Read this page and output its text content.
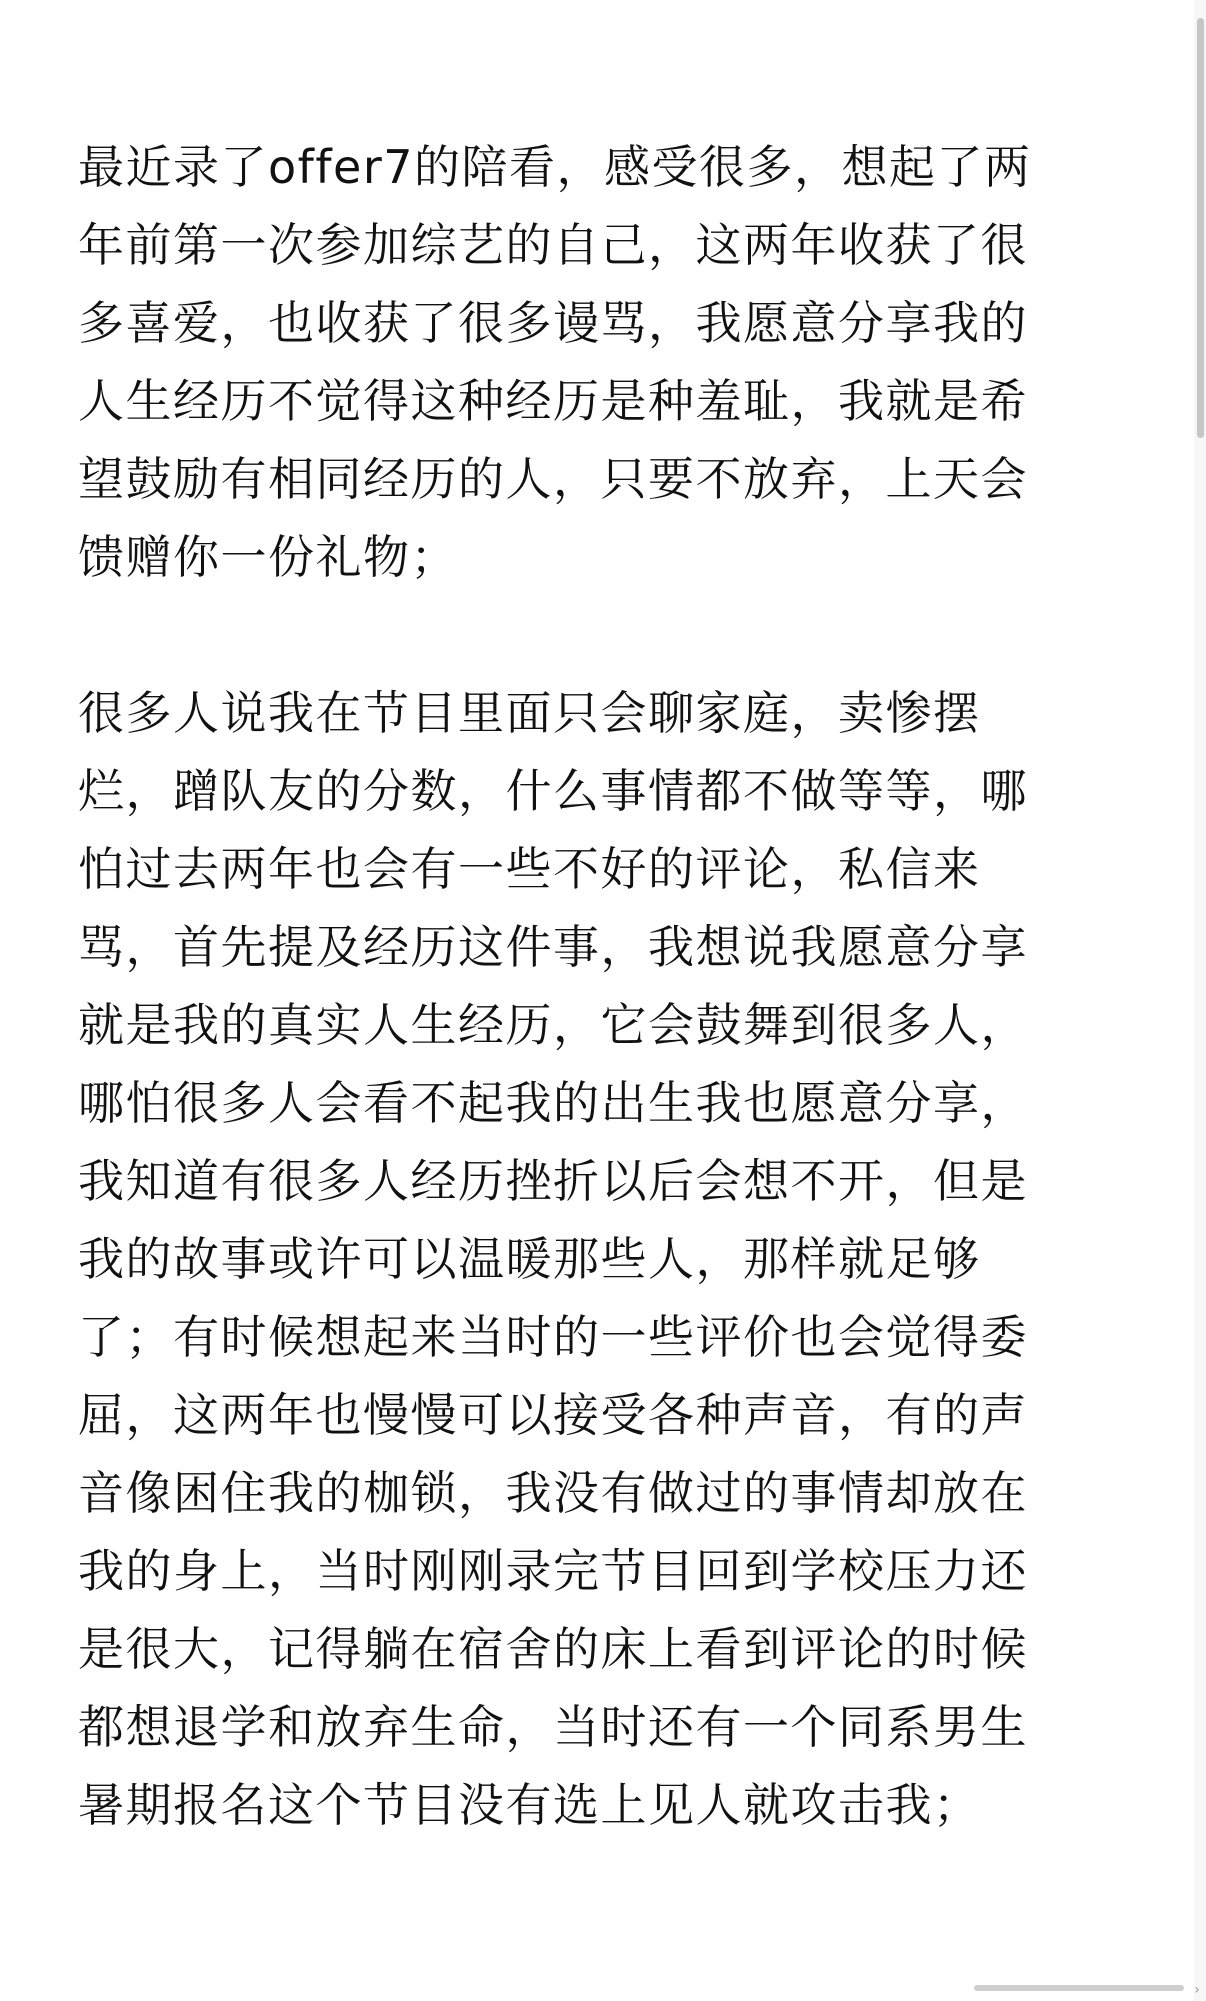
最近录了offer7的陪看，感受很多，想起了两
年前第一次参加综艺的自己，这两年收获了很
多喜爱，也收获了很多谩骂，我愿意分享我的
人生经历不觉得这种经历是种羞耻，我就是希
望鼓励有相同经历的人，只要不放弃，上天会
馈赠你一份礼物；
很多人说我在节目里面只会聊家庭，卖惨摆
烂，蹭队友的分数，什么事情都不做等等，哪
怕过去两年也会有一些不好的评论，私信来
骂，首先提及经历这件事，我想说我愿意分享
就是我的真实人生经历，它会鼓舞到很多人，
哪怕很多人会看不起我的出生我也愿意分享，
我知道有很多人经历挫折以后会想不开，但是
我的故事或许可以温暖那些人，那样就足够
了；有时候想起来当时的一些评价也会觉得委
屈，这两年也慢慢可以接受各种声音，有的声
音像困住我的枷锁，我没有做过的事情却放在
我的身上，当时刚刚录完节目回到学校压力还
是很大，记得躺在宿舍的床上看到评论的时候
都想退学和放弃生命，当时还有一个同系男生
暑期报名这个节目没有选上见人就攻击我；
›
